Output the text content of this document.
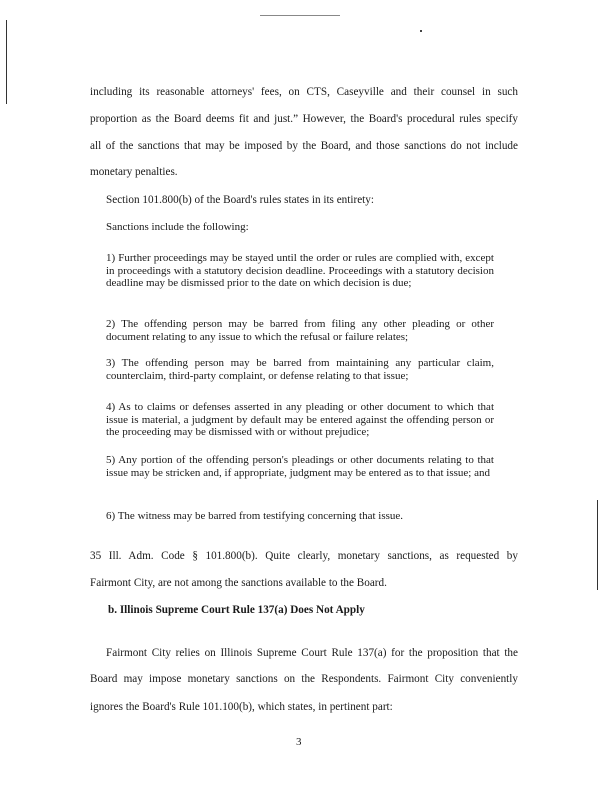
including its reasonable attorneys' fees, on CTS, Caseyville and their counsel in such

proportion as the Board deems fit and just.” However, the Board's procedural rules specify

all of the sanctions that may be imposed by the Board, and those sanctions do not include

monetary penalties.

Section 101.800(b) of the Board's rules states in its entirety:

Sanctions include the following:

1) Further proceedings may be stayed until the order or rules are complied with, except in proceedings with a statutory decision deadline. Proceedings with a statutory decision deadline may be dismissed prior to the date on which decision is due;

2) The offending person may be barred from filing any other pleading or other document relating to any issue to which the refusal or failure relates;

3) The offending person may be barred from maintaining any particular claim, counterclaim, third-party complaint, or defense relating to that issue;

4) As to claims or defenses asserted in any pleading or other document to which that issue is material, a judgment by default may be entered against the offending person or the proceeding may be dismissed with or without prejudice;

5) Any portion of the offending person's pleadings or other documents relating to that issue may be stricken and, if appropriate, judgment may be entered as to that issue; and

6) The witness may be barred from testifying concerning that issue.

35 Ill. Adm. Code § 101.800(b). Quite clearly, monetary sanctions, as requested by

Fairmont City, are not among the sanctions available to the Board.

b. Illinois Supreme Court Rule 137(a) Does Not Apply

Fairmont City relies on Illinois Supreme Court Rule 137(a) for the proposition that the

Board may impose monetary sanctions on the Respondents. Fairmont City conveniently

ignores the Board's Rule 101.100(b), which states, in pertinent part:

3
